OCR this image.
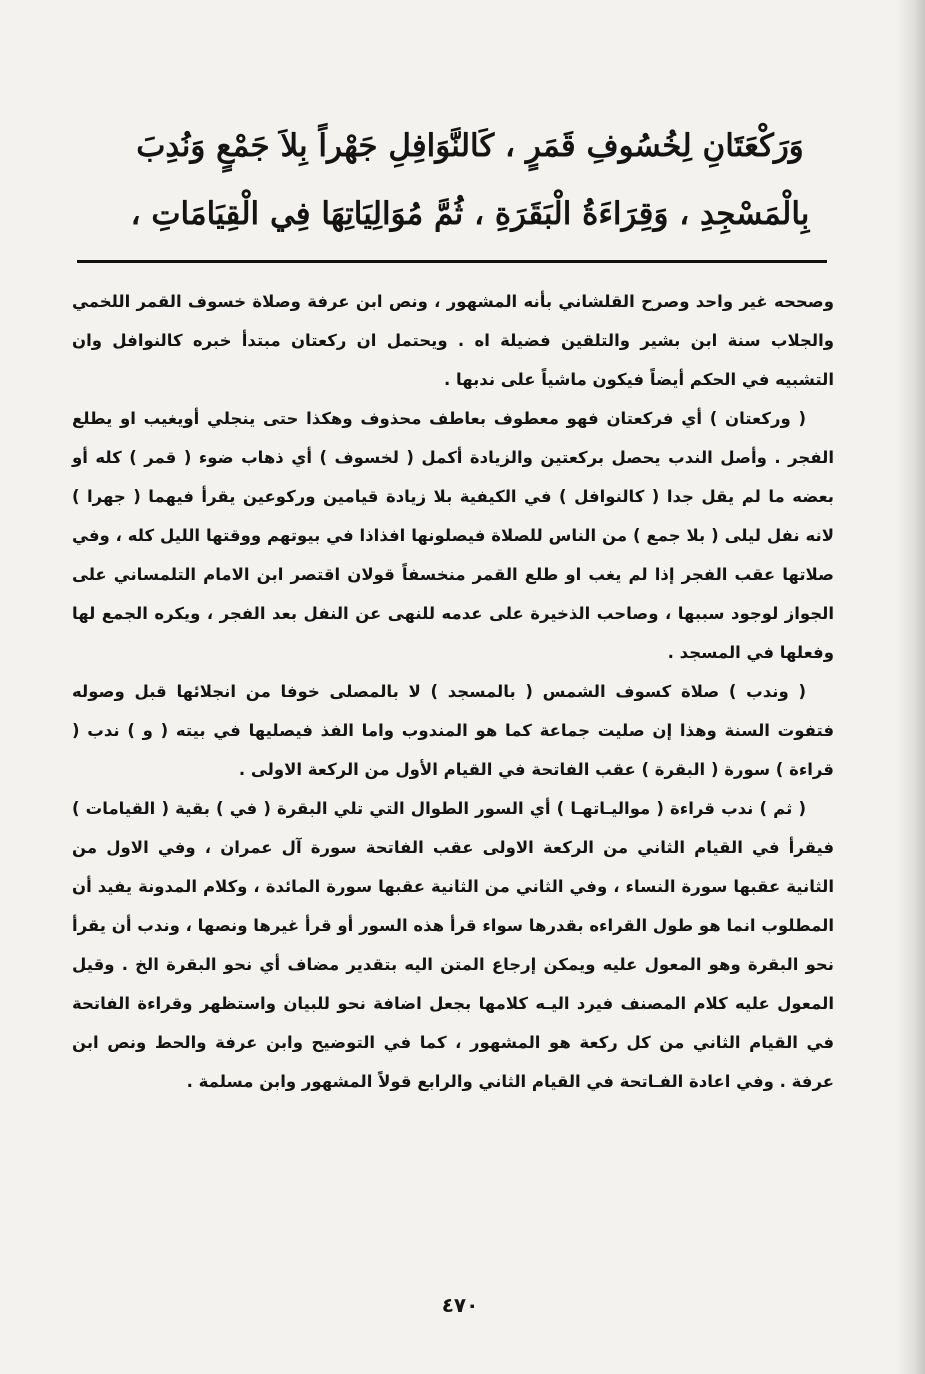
وَرَكْعَتَانِ لِخُسُوفِ قَمَرٍ ، كَالنَّوَافِلِ جَهْراً بِلاَ جَمْعٍ وَنُدِبَ
بِالْمَسْجِدِ ، وَقِرَاءَةُ الْبَقَرَةِ ، ثُمَّ مُوَالِيَاتِهَا فِي الْقِيَامَاتِ ،

وصححه غير واحد وصرح القلشاني بأنه المشهور ، ونص ابن عرفة وصلاة خسوف القمر اللخمي والجلاب سنة ابن بشير والتلقين فضيلة اه . ويحتمل ان ركعتان مبتدأ خبره كالنوافل وان التشبيه في الحكم أيضاً فيكون ماشياً على ندبها .

( وركعتان ) أي فركعتان فهو معطوف بعاطف محذوف وهكذا حتى ينجلي أويغيب او يطلع الفجر . وأصل الندب يحصل بركعتين والزيادة أكمل ( لخسوف ) أي ذهاب ضوء ( قمر ) كله أو بعضه ما لم يقل جدا ( كالنوافل ) في الكيفية بلا زيادة قيامين وركوعين يقرأ فيهما ( جهرا ) لانه نفل ليلى ( بلا جمع ) من الناس للصلاة فيصلونها افذاذا في بيوتهم ووقتها الليل كله ، وفي صلاتها عقب الفجر إذا لم يغب او طلع القمر منخسفاً قولان اقتصر ابن الامام التلمساني على الجواز لوجود سببها ، وصاحب الذخيرة على عدمه للنهى عن النفل بعد الفجر ، ويكره الجمع لها وفعلها في المسجد .

( وندب ) صلاة كسوف الشمس ( بالمسجد ) لا بالمصلى خوفا من انجلائها قبل وصوله فتفوت السنة وهذا إن صليت جماعة كما هو المندوب واما الفذ فيصليها في بيته ( و ) ندب ( قراءة ) سورة ( البقرة ) عقب الفاتحة في القيام الأول من الركعة الاولى .

( ثم ) ندب قراءة ( مواليـاتهـا ) أي السور الطوال التي تلي البقرة ( في ) بقية ( القيامات ) فيقرأ في القيام الثاني من الركعة الاولى عقب الفاتحة سورة آل عمران ، وفي الاول من الثانية عقبها سورة النساء ، وفي الثاني من الثانية عقبها سورة المائدة ، وكلام المدونة يفيد أن المطلوب انما هو طول القراءه بقدرها سواء قرأ هذه السور أو قرأ غيرها ونصها ، وندب أن يقرأ نحو البقرة وهو المعول عليه ويمكن إرجاع المتن اليه بتقدير مضاف أي نحو البقرة الخ . وقيل المعول عليه كلام المصنف فيرد اليـه كلامها بجعل اضافة نحو للبيان واستظهر وقراءة الفاتحة في القيام الثاني من كل ركعة هو المشهور ، كما في التوضيح وابن عرفة والحط ونص ابن عرفة . وفي اعادة الفـاتحة في القيام الثاني والرابع قولاً المشهور وابن مسلمة .

٤٧٠
